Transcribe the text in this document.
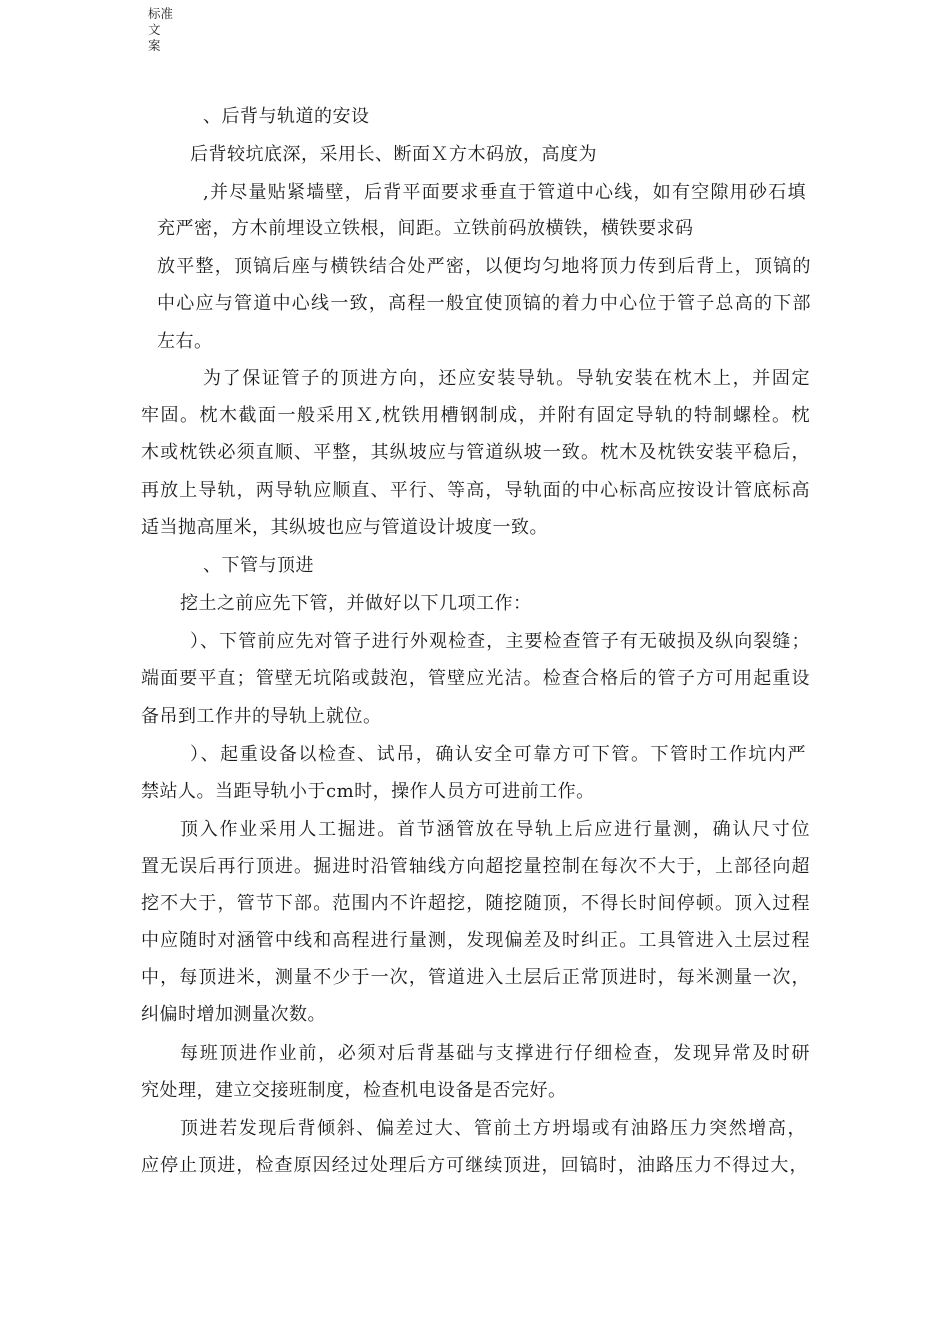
标准文
案

、后背与轨道的安设

后背较坑底深，采用长、断面Ｘ方木码放，高度为

,并尽量贴紧墙壁，后背平面要求垂直于管道中心线，如有空隙用砂石填

充严密，方木前埋设立铁根，间距。立铁前码放横铁，横铁要求码

放平整，顶镐后座与横铁结合处严密，以便均匀地将顶力传到后背上，顶镐的

中心应与管道中心线一致，高程一般宜使顶镐的着力中心位于管子总高的下部

左右。

为了保证管子的顶进方向，还应安装导轨。导轨安装在枕木上，并固定

牢固。枕木截面一般采用Ｘ,枕铁用槽钢制成，并附有固定导轨的特制螺栓。枕

木或枕铁必须直顺、平整，其纵坡应与管道纵坡一致。枕木及枕铁安装平稳后，

再放上导轨，两导轨应顺直、平行、等高，导轨面的中心标高应按设计管底标高

适当抛高厘米，其纵坡也应与管道设计坡度一致。

、下管与顶进

挖土之前应先下管，并做好以下几项工作：

）、下管前应先对管子进行外观检查，主要检查管子有无破损及纵向裂缝；

端面要平直；管壁无坑陷或鼓泡，管壁应光洁。检查合格后的管子方可用起重设

备吊到工作井的导轨上就位。

）、起重设备以检查、试吊，确认安全可靠方可下管。下管时工作坑内严

禁站人。当距导轨小于cm时，操作人员方可进前工作。

顶入作业采用人工掘进。首节涵管放在导轨上后应进行量测，确认尺寸位

置无误后再行顶进。掘进时沿管轴线方向超挖量控制在每次不大于，上部径向超

挖不大于，管节下部。范围内不许超挖，随挖随顶，不得长时间停顿。顶入过程

中应随时对涵管中线和高程进行量测，发现偏差及时纠正。工具管进入土层过程

中，每顶进米，测量不少于一次，管道进入土层后正常顶进时，每米测量一次，

纠偏时增加测量次数。

每班顶进作业前，必须对后背基础与支撑进行仔细检查，发现异常及时研

究处理，建立交接班制度，检查机电设备是否完好。

顶进若发现后背倾斜、偏差过大、管前土方坍塌或有油路压力突然增高，

应停止顶进，检查原因经过处理后方可继续顶进，回镐时，油路压力不得过大，
